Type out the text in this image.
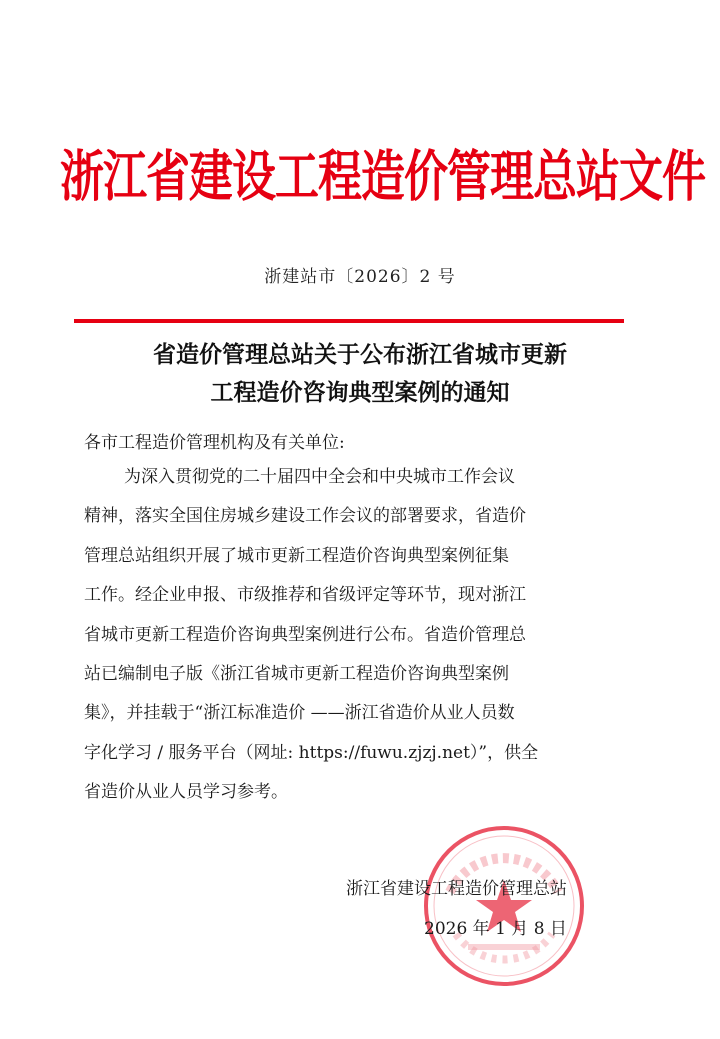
浙江省建设工程造价管理总站文件
浙建站市〔2026〕2 号
省造价管理总站关于公布浙江省城市更新
工程造价咨询典型案例的通知
各市工程造价管理机构及有关单位:
为深入贯彻党的二十届四中全会和中央城市工作会议
精神，落实全国住房城乡建设工作会议的部署要求，省造价
管理总站组织开展了城市更新工程造价咨询典型案例征集
工作。经企业申报、市级推荐和省级评定等环节，现对浙江
省城市更新工程造价咨询典型案例进行公布。省造价管理总
站已编制电子版《浙江省城市更新工程造价咨询典型案例
集》，并挂载于“浙江标准造价 ——浙江省造价从业人员数
字化学习 / 服务平台（网址: https://fuwu.zjzj.net）”，供全
省造价从业人员学习参考。
浙江省建设工程造价管理总站
2026 年 1 月 8 日
